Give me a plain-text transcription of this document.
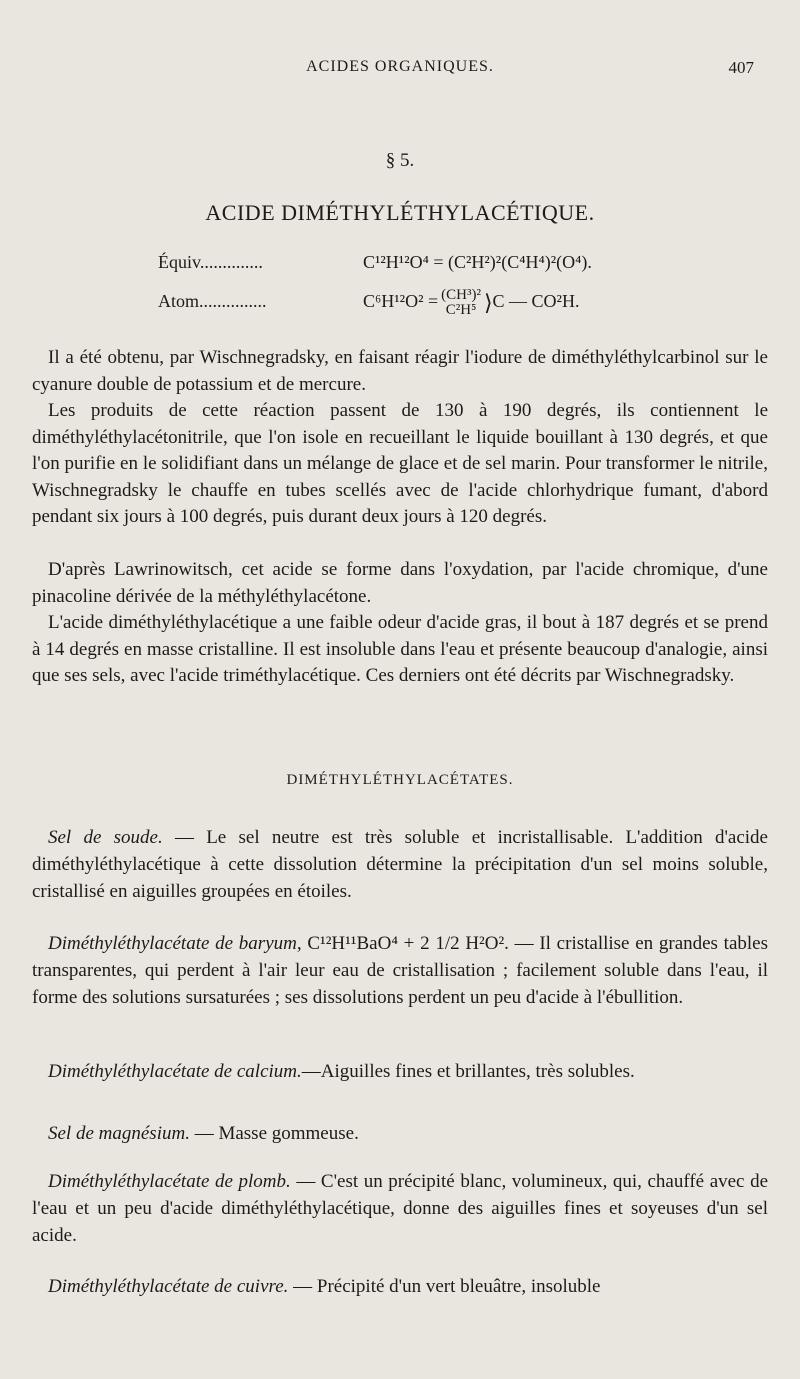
ACIDES ORGANIQUES.	407
§ 5.
ACIDE DIMÉTHYLÉTHYLACÉTIQUE.
Équiv..............	C¹²H¹²O⁴ = (C²H²)²(C⁴H⁴)²(O⁴).
Atom...............	C⁶H¹²O² = (CH³)²
C²H⁵ ⟩C — CO²H.

Il a été obtenu, par Wischnegradsky, en faisant réagir l'iodure de diméthyléthylcarbinol sur le cyanure double de potassium et de mercure.

Les produits de cette réaction passent de 130 à 190 degrés, ils contiennent le diméthyléthylacétonitrile, que l'on isole en recueillant le liquide bouillant à 130 degrés, et que l'on purifie en le solidifiant dans un mélange de glace et de sel marin. Pour transformer le nitrile, Wischnegradsky le chauffe en tubes scellés avec de l'acide chlorhydrique fumant, d'abord pendant six jours à 100 degrés, puis durant deux jours à 120 degrés.

D'après Lawrinowitsch, cet acide se forme dans l'oxydation, par l'acide chromique, d'une pinacoline dérivée de la méthyléthylacétone.

L'acide diméthyléthylacétique a une faible odeur d'acide gras, il bout à 187 degrés et se prend à 14 degrés en masse cristalline. Il est insoluble dans l'eau et présente beaucoup d'analogie, ainsi que ses sels, avec l'acide triméthylacétique. Ces derniers ont été décrits par Wischnegradsky.

DIMÉTHYLÉTHYLACÉTATES.

Sel de soude. — Le sel neutre est très soluble et incristallisable. L'addition d'acide diméthyléthylacétique à cette dissolution détermine la précipitation d'un sel moins soluble, cristallisé en aiguilles groupées en étoiles.

Diméthyléthylacétate de baryum, C¹²H¹¹BaO⁴ + 2 1/2 H²O². — Il cristallise en grandes tables transparentes, qui perdent à l'air leur eau de cristallisation ; facilement soluble dans l'eau, il forme des solutions sursaturées ; ses dissolutions perdent un peu d'acide à l'ébullition.

Diméthyléthylacétate de calcium.—Aiguilles fines et brillantes, très solubles.

Sel de magnésium. — Masse gommeuse.

Diméthyléthylacétate de plomb. — C'est un précipité blanc, volumineux, qui, chauffé avec de l'eau et un peu d'acide diméthyléthylacétique, donne des aiguilles fines et soyeuses d'un sel acide.

Diméthyléthylacétate de cuivre. — Précipité d'un vert bleuâtre, insoluble
